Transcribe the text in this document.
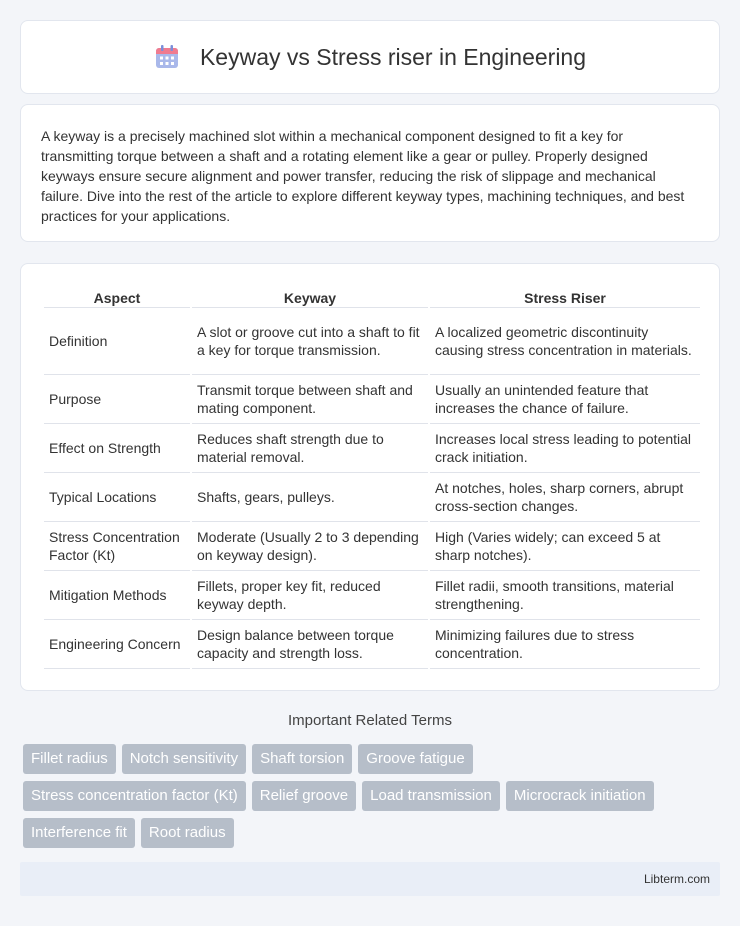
Keyway vs Stress riser in Engineering

A keyway is a precisely machined slot within a mechanical component designed to fit a key for transmitting torque between a shaft and a rotating element like a gear or pulley. Properly designed keyways ensure secure alignment and power transfer, reducing the risk of slippage and mechanical failure. Dive into the rest of the article to explore different keyway types, machining techniques, and best practices for your applications.

Aspect	Keyway	Stress Riser
Definition	A slot or groove cut into a shaft to fit a key for torque transmission.	A localized geometric discontinuity causing stress concentration in materials.
Purpose	Transmit torque between shaft and mating component.	Usually an unintended feature that increases the chance of failure.
Effect on Strength	Reduces shaft strength due to material removal.	Increases local stress leading to potential crack initiation.
Typical Locations	Shafts, gears, pulleys.	At notches, holes, sharp corners, abrupt cross-section changes.
Stress Concentration Factor (Kt)	Moderate (Usually 2 to 3 depending on keyway design).	High (Varies widely; can exceed 5 at sharp notches).
Mitigation Methods	Fillets, proper key fit, reduced keyway depth.	Fillet radii, smooth transitions, material strengthening.
Engineering Concern	Design balance between torque capacity and strength loss.	Minimizing failures due to stress concentration.
Important Related Terms
Fillet radius	Notch sensitivity	Shaft torsion	Groove fatigue
Stress concentration factor (Kt)	Relief groove	Load transmission	Microcrack initiation
Interference fit	Root radius
Libterm.com
